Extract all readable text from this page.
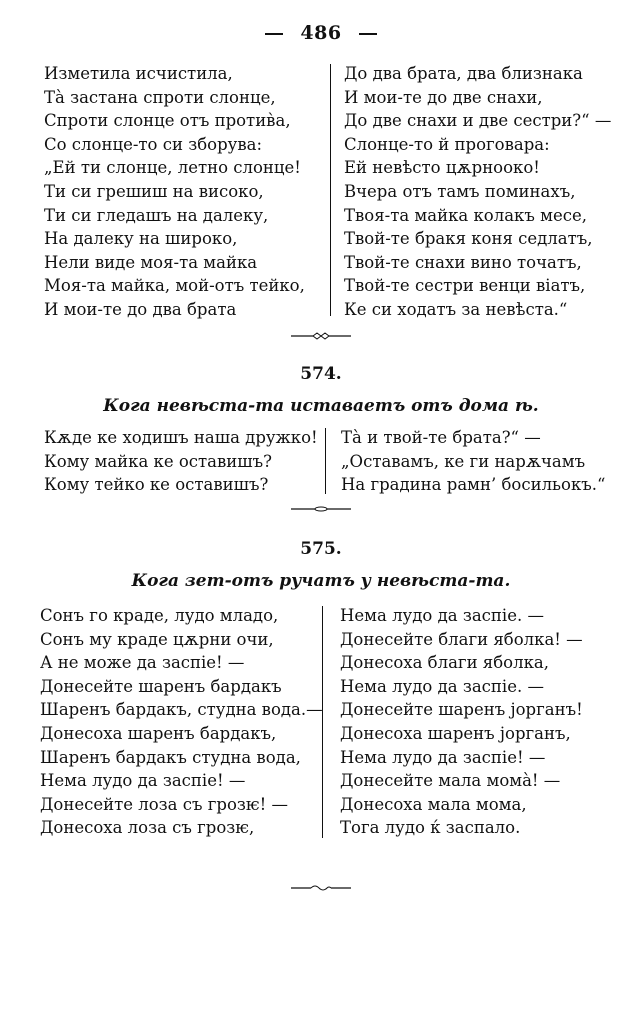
486
Изметила исчистила,
Тà застана спроти слонце,
Спроти слонце отъ против̀а,
Со слонце-то си зборува:
„Ей ти слонце, летно слонце!
Ти си грешиш на високо,
Ти си гледашъ на далеку,
На далеку на широко,
Нели виде моя-та майка
Моя-та майка, мой-отъ тейко,
И мои-те до два брата
До два брата, два близнака
И мои-те до две снахи,
До две снахи и две сестри?“ —
Слонце-то й проговара:
Ей невѣсто цѫрнооко!
Вчера отъ тамъ поминахъ,
Твоя-та майка колакъ месе,
Твой-те бракя коня седлатъ,
Твой-те снахи вино точатъ,
Твой-те сестри венци віатъ,
Ке си ходатъ за невѣста.“
574.
Кога невѣста-та иставаетъ отъ дома ѣ.
Кѫде ке ходишъ наша дружко!
Кому майка ке оставишъ?
Кому тейко ке оставишъ?
Тà и твой-те брата?“ —
„Оставамъ, ке ги нарѫчамъ
На градина рамн’ босильокъ.“
575.
Кога зет-отъ ручатъ у невѣста-та.
Сонъ го краде, лудо младо,
Сонъ му краде цѫрни очи,
А не може да заспіе! —
Донесейте шаренъ бардакъ
Шаренъ бардакъ, студна вода.—
Донесоха шаренъ бардакъ,
Шаренъ бардакъ студна вода,
Нема лудо да заспіе! —
Донесейте лоза съ грозѥ! —
Донесоха лоза съ грозѥ,
Нема лудо да заспіе. —
Донесейте благи яболка! —
Донесоха благи яболка,
Нема лудо да заспіе. —
Донесейте шаренъ јорганъ!
Донесоха шаренъ јорганъ,
Нема лудо да заспіе! —
Донесейте мала момà! —
Донесоха мала мома,
Тога лудо ќ заспало.
